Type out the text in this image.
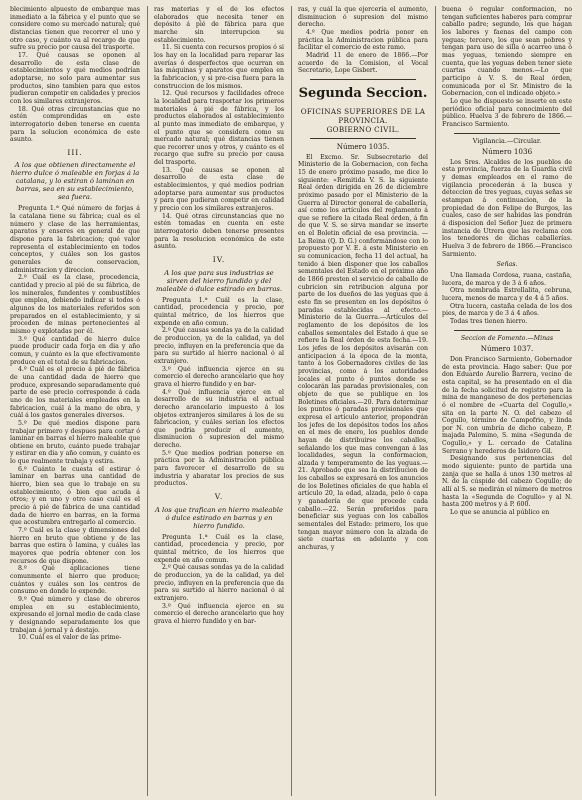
blecimiento alpuesto de embarque mas inmediato a la fábrica y el punto que se considere como su mercado natural; qué distancias tienen que recorrer el uno y otro caso, y cuánto va al recargo de que sufre su precio por causa del trasporte.

17. Qué causas se oponen al desarrollo de esta clase de establecimientos y qué medios podrían adoptarse, no solo para aumentar sus productos, sino tambien para que estos pudieran competir en calidades y precios con los similares extranjeros.

18. Qué otras circunstancias que no estén comprendidas en este interrogatorio deben tenerse en cuenta para la solucion económica de este asunto.

III.
A los que obtienen directamente el hierro dulce ó maleable en forjas á la catalana, y lo estiran ó laminan en barras, sea en su establecimiento, sea fuera.

Pregunta 1.ª Qué número de forjas á la catalana tiene su fábrica; cual es el número y clase de las herramientas, aparatos y enseres en general de que dispone para la fabricacion; qué valor representa el establecimiento en todos conceptos, y cuáles son los gastos generales de conservacion, administracion y direccion.

2.º Cuál es la clase, procedencia, cantidad y precio al pié de su fábrica, de los minerales, fundentes y combustibles que emplea, debiendo indicar si todos ó algunos de los materiales referidos son preparados en el establecimiento, y si proceden de minas pertenecientes al mismo y explotadas por él.

3.º Qué cantidad de hierro dulce puede producir cada forja en dia y año comun, y cuánto es la que efectivamente produce en el total de su fabricacion.

4.º Cuál es el precio á pié de fábrica de una cantidad dada de hierro que produce, expresando separadamente qué parte de ese precio corresponde á cada uno de los materiales empleados en la fabricacion, cuál á la mano de obra, y cuál á los gastos generales diversos.

5.º De qué medios dispone para trabajar primero y despues para cortar ó laminar en barras el hierro maleable que obtiene en bruto, cuánto puede trabajar y estirar en dia y año comun, y cuánto es lo que realmente trabaja y estira.

6.º Cuánto le cuesta el estirar ó laminar en barras una cantidad de hierro, bien sea que lo trabaje en su establecimiento, ó bien que acuda á otros; y en uno y otro caso cuál es el precio á pié de fábrica de una cantidad dada de hierro en barras, en la forma que acostumbra entregarlo al comercio.

7.º Cuál es la clase y dimensiones del hierro en bruto que obtiene y de las barras que estira ó lamina, y cuáles las mayores que podría obtener con los recursos de que dispone.

8.º Qué aplicaciones tiene comunmente el hierro que produce; cuántos y cuáles son los centros de consumo en donde lo expende.

9.º Qué número y clase de obreros emplea en su establecimiento, expresando el jornal medio de cada clase y designando separadamente los que trabajan á jornal y á destajo.

10. Cuál es el valor de las prime-

ras materias y el de los efectos elaborados que necesita tener en depósito á pié de fábrica para que marche sin interrupcion su establecimiento.

11. Si cuenta con recursos propios ó si los hay en la localidad para reparar las averías ó desperfectos que ocurran en las máquinas y aparatos que emplea en la fabricacion, y si pre-cisa fuera para la construccion de los mismos.

12. Qué recursos y facilidades ofrece la localidad para trasportar los primeros materiales á pié de fábrica, y los productos elaborados al establecimiento al punto mas inmediato de embarque, y el punto que se considera como su mercado natural; qué distancias tienen que recorrer unos y otros, y cuánto es el recargo que sufre su precio por causa del trasporte.

13. Qué causas se oponen al desarrollo de esta clase de establecimientos, y qué medios podrian adoptarse para aumentar sus productos y para que pudieran competir en calidad y precio con los similares extranjeros.

14. Qué otras circunstancias que no estén tomadas en cuenta en este interrogatorio deben tenerse presentes para la resolucion económica de este asunto.

IV.
A los que para sus industrias se sirven del hierro fundido y del maleable ó dulce estirado en barras.

Pregunta 1.ª Cuál es la clase, cantidad, procedencia y precio, por quintal métrico, de los hierros que expende en año comun.

2.º Qué causas sondas ya de la calidad de produccion, ya de la calidad, ya del precio, influyen en la preferencia que da para su surtido al hierro nacional ó al extranjero.

3.º Qué influencia ejerce en su comercio el derecho arancelario que hoy grava el hierro fundido y en bar-

4.º Qué influencia ejerce en el desarrollo de su industria el actual derecho arancelario impuesto á los objetos extranjeros similares á los de su fabricacion, y cuáles serian los efectos que podria producir el aumento, disminucion ó supresion del mismo derecho.

5.º Que medios podrian ponerse en práctica por la Administracion pública para favorecer el desarrollo de su industria y abaratar los precios de sus productos.

V.
A los que trafican en hierro maleable ó dulce estirado en barras y en hierro fundido.

Pregunta 1.ª Cuál es la clase, cantidad, procedencia y precio, por quintal métrico, de los hierros que expende en año comun.

2.º Qué causas sondas ya de la calidad de produccion, ya de la calidad, ya del precio, influyen en la preferencia que da para su surtido al hierro nacional ó al extranjero.

3.º Qué influencia ejerce en su comercio el derecho arancelario que hoy grava el hierro fundido y en bar-

ras, y cuál la que ejercería el aumento, disminucion ó supresion del mismo derecho.

4.º Que medios podria poner en práctica la Administracion pública para facilitar el comercio de este ramo.

Madrid 11 de enero de 1866.—Por acuerdo de la Comision, el Vocal Secretario, Lope Gisbert.

Segunda Seccion.
OFICINAS SUPERIORES DE LA
PROVINCIA.
GOBIERNO CIVIL.
Número 1035.

El Excmo. Sr. Subsecretario del Ministerio de la Gobernacion, con fecha 15 de enero próximo pasado, me dice lo siguiente: «Remitida V. S. la siguiente Real órden dirigida en 26 de diciembre próximo pasado por el Ministerio de la Guerra al Director general de caballería, así como los artículos del reglamento á que se refiere la citada Real órden, á fin de que V. S. se sirva mandar se inserte en el Boletin oficial de esa provincia. —La Reina (Q. D. G.) conformándose con lo propuesto por V. E. á este Ministerio en su comunicacion, fecha 11 del actual, ha tenido á bien disponer que los caballos sementales del Estado en el próximo año de 1866 presten el servicio de caballo de cubricion sin retribucion alguna por parte de los dueños de las yeguas que á este fin se presenten en los depósitos ó paradas establecidas al efecto.—Ministerio de la Guerra.—Artículos del reglamento de los depósitos de los caballos sementales del Estado á que se refiere la Real órden de esta fecha.—19. Los jefes de los depósitos avisarán con anticipacion á la época de la monta, tanto á los Gobernadores civiles de las provincias, como á los autoridades locales el punto ó puntos donde se colocarán las paradas provisionales, con objeto de que se publique en los Boletines oficiales.—20. Para determinar los puntos ó paradas provisionales que expresa el artículo anterior, propondrán los jefes de los depósitos todos los años en el mes de enero, los pueblos donde hayan de distribuirse los caballos, señalando los que mas convengan á las localidades, segun la conformacion, alzada y temperamento de las yeguas.—21. Aprobado que sea la distribucion de los caballos se expresará en los anuncios de los Boletines oficiales de que habla el artículo 20, la edad, alzada, pelo ó capa y ganadería de que procede cada caballo.—22. Serán preferidos para beneficiar sus yeguas con los caballos sementales del Estado: primero, los que tengan mayor número con la alzada de siete cuartas en adelante y con anchuras, y

buena ó regular conformacion, no tengan suficientes haberes para comprar caballo padre; segundo, los que hagan los labores y faenas del campo con yeguas; tercero, los que sean pobres y tengan para uso de silla ó acarreo una ó mas yeguas, teniendo siempre en cuenta, que las yeguas deben tener siete cuartas cuando menos.—Lo que participo á V. S. de Real órden, comunicada por el Sr. Ministro de la Gobernacion, con el indicado objeto.»

Lo que he dispuesto se inserte en este periódico oficial para conocimiento del público. Huelva 3 de febrero de 1866.—Francisco Sarmiento.

Vigilancia.—Circular.
Número 1036

Los Sres. Alcaldes de los pueblos de esta provincia, fuerza de la Guardia civil y demas empleados en el ramo de vigilancia procederán á la busca y deteccion de tres yeguas, cuyas señas se estampan á continuacion, de la propiedad de don Felipe de Burgos, las cuales, caso de ser habidas las pondrán á disposicion del Señor Juez de primera instancia de Utrera que las reclama con los tenedores de dichas caballerías. Huelva 3 de febrero de 1866.—Francisco Sarmiento.

Señas.

Una llamada Cordosa, ruana, castaña, lucera, de marca y de 3 á 6 años.

Otra nombrada Estrellalita, cebruna, lucera, menos de marca y de 4 á 5 años.

Otra lucera, castaña celada de los dos pies, de marca y de 3 á 4 años.

Todas tres tienen hierro.

Seccion de Fomento.—Minas
Número 1037.

Don Francisco Sarmiento, Gobernador de esta provincia. Hago saber: Que por don Eduardo Aurelio Barrera, vecino de esta capital, se ha presentado en el dia de la fecha solicitud de registro para la mina de manganeso de dos pertenencias ó el nombre de «Cuarta del Cogullo,» sita en la parte N. O. del cabezo el Cogullo, término de Campofrio, y linda por N. con umbría de dicho cabezo, P. majada Palomino, S. mina «Segunda de Cogullo,» y L. cercado de Catalina Serrano y herederos de Isidoro Gil.

Designando sus pertenencias del modo siguiente: punto de partida una zanja que se halla á unos 130 metros al N. de la cúspide del cabezo Cogullo; de allí al S. se medirán el número de metros hasta la «Segunda de Cogullo» y al N. hasta 200 metros y á P. 600.

Lo que se anuncia al público en
